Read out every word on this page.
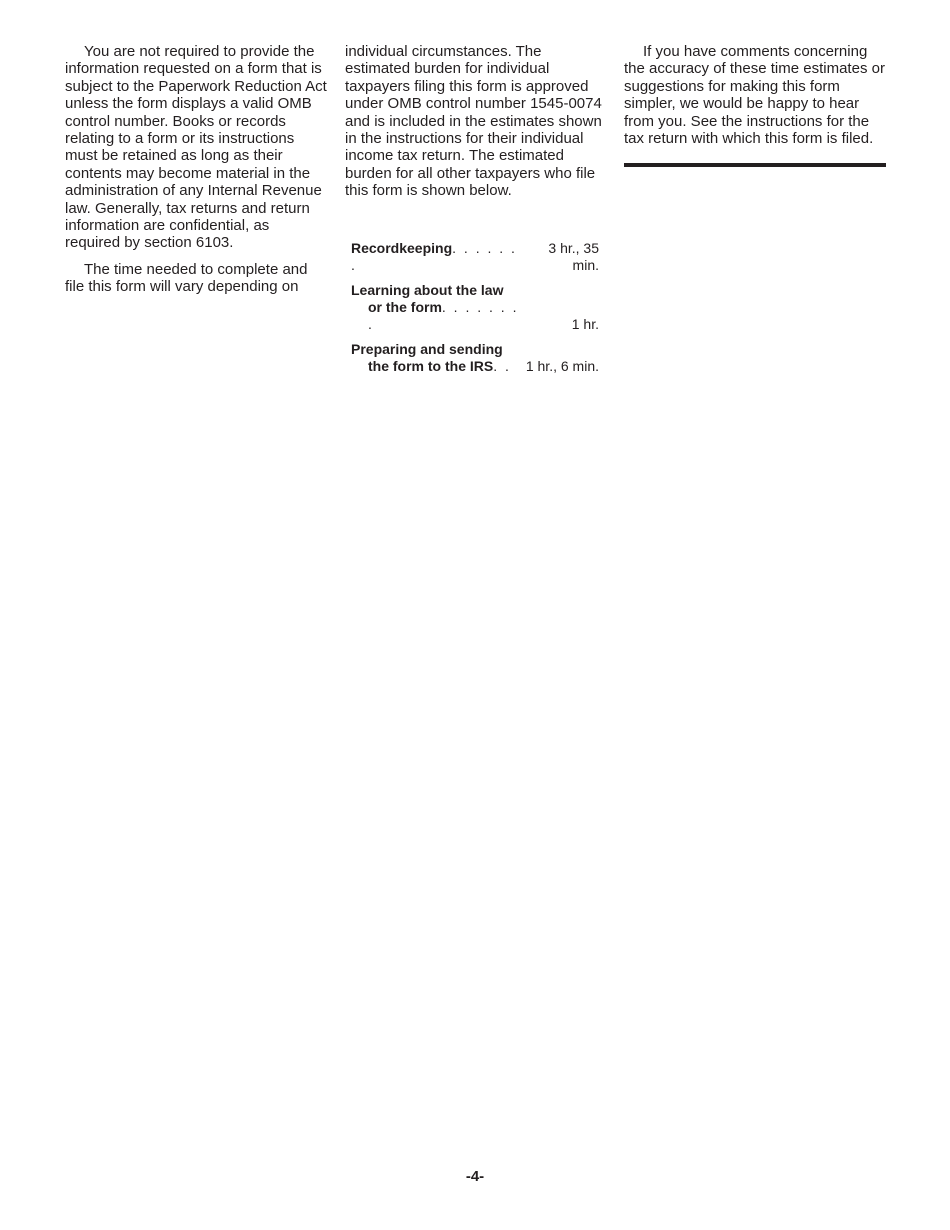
You are not required to provide the information requested on a form that is subject to the Paperwork Reduction Act unless the form displays a valid OMB control number. Books or records relating to a form or its instructions must be retained as long as their contents may become material in the administration of any Internal Revenue law. Generally, tax returns and return information are confidential, as required by section 6103.

The time needed to complete and file this form will vary depending on

individual circumstances. The estimated burden for individual taxpayers filing this form is approved under OMB control number 1545-0074 and is included in the estimates shown in the instructions for their individual income tax return. The estimated burden for all other taxpayers who file this form is shown below.

Recordkeeping. . . . . . .	3 hr., 35 min.

Learning about the law
or the form. . . . . . . .	1 hr.

Preparing and sending
the form to the IRS. .	1 hr., 6 min.

If you have comments concerning the accuracy of these time estimates or suggestions for making this form simpler, we would be happy to hear from you. See the instructions for the tax return with which this form is filed.

-4-
